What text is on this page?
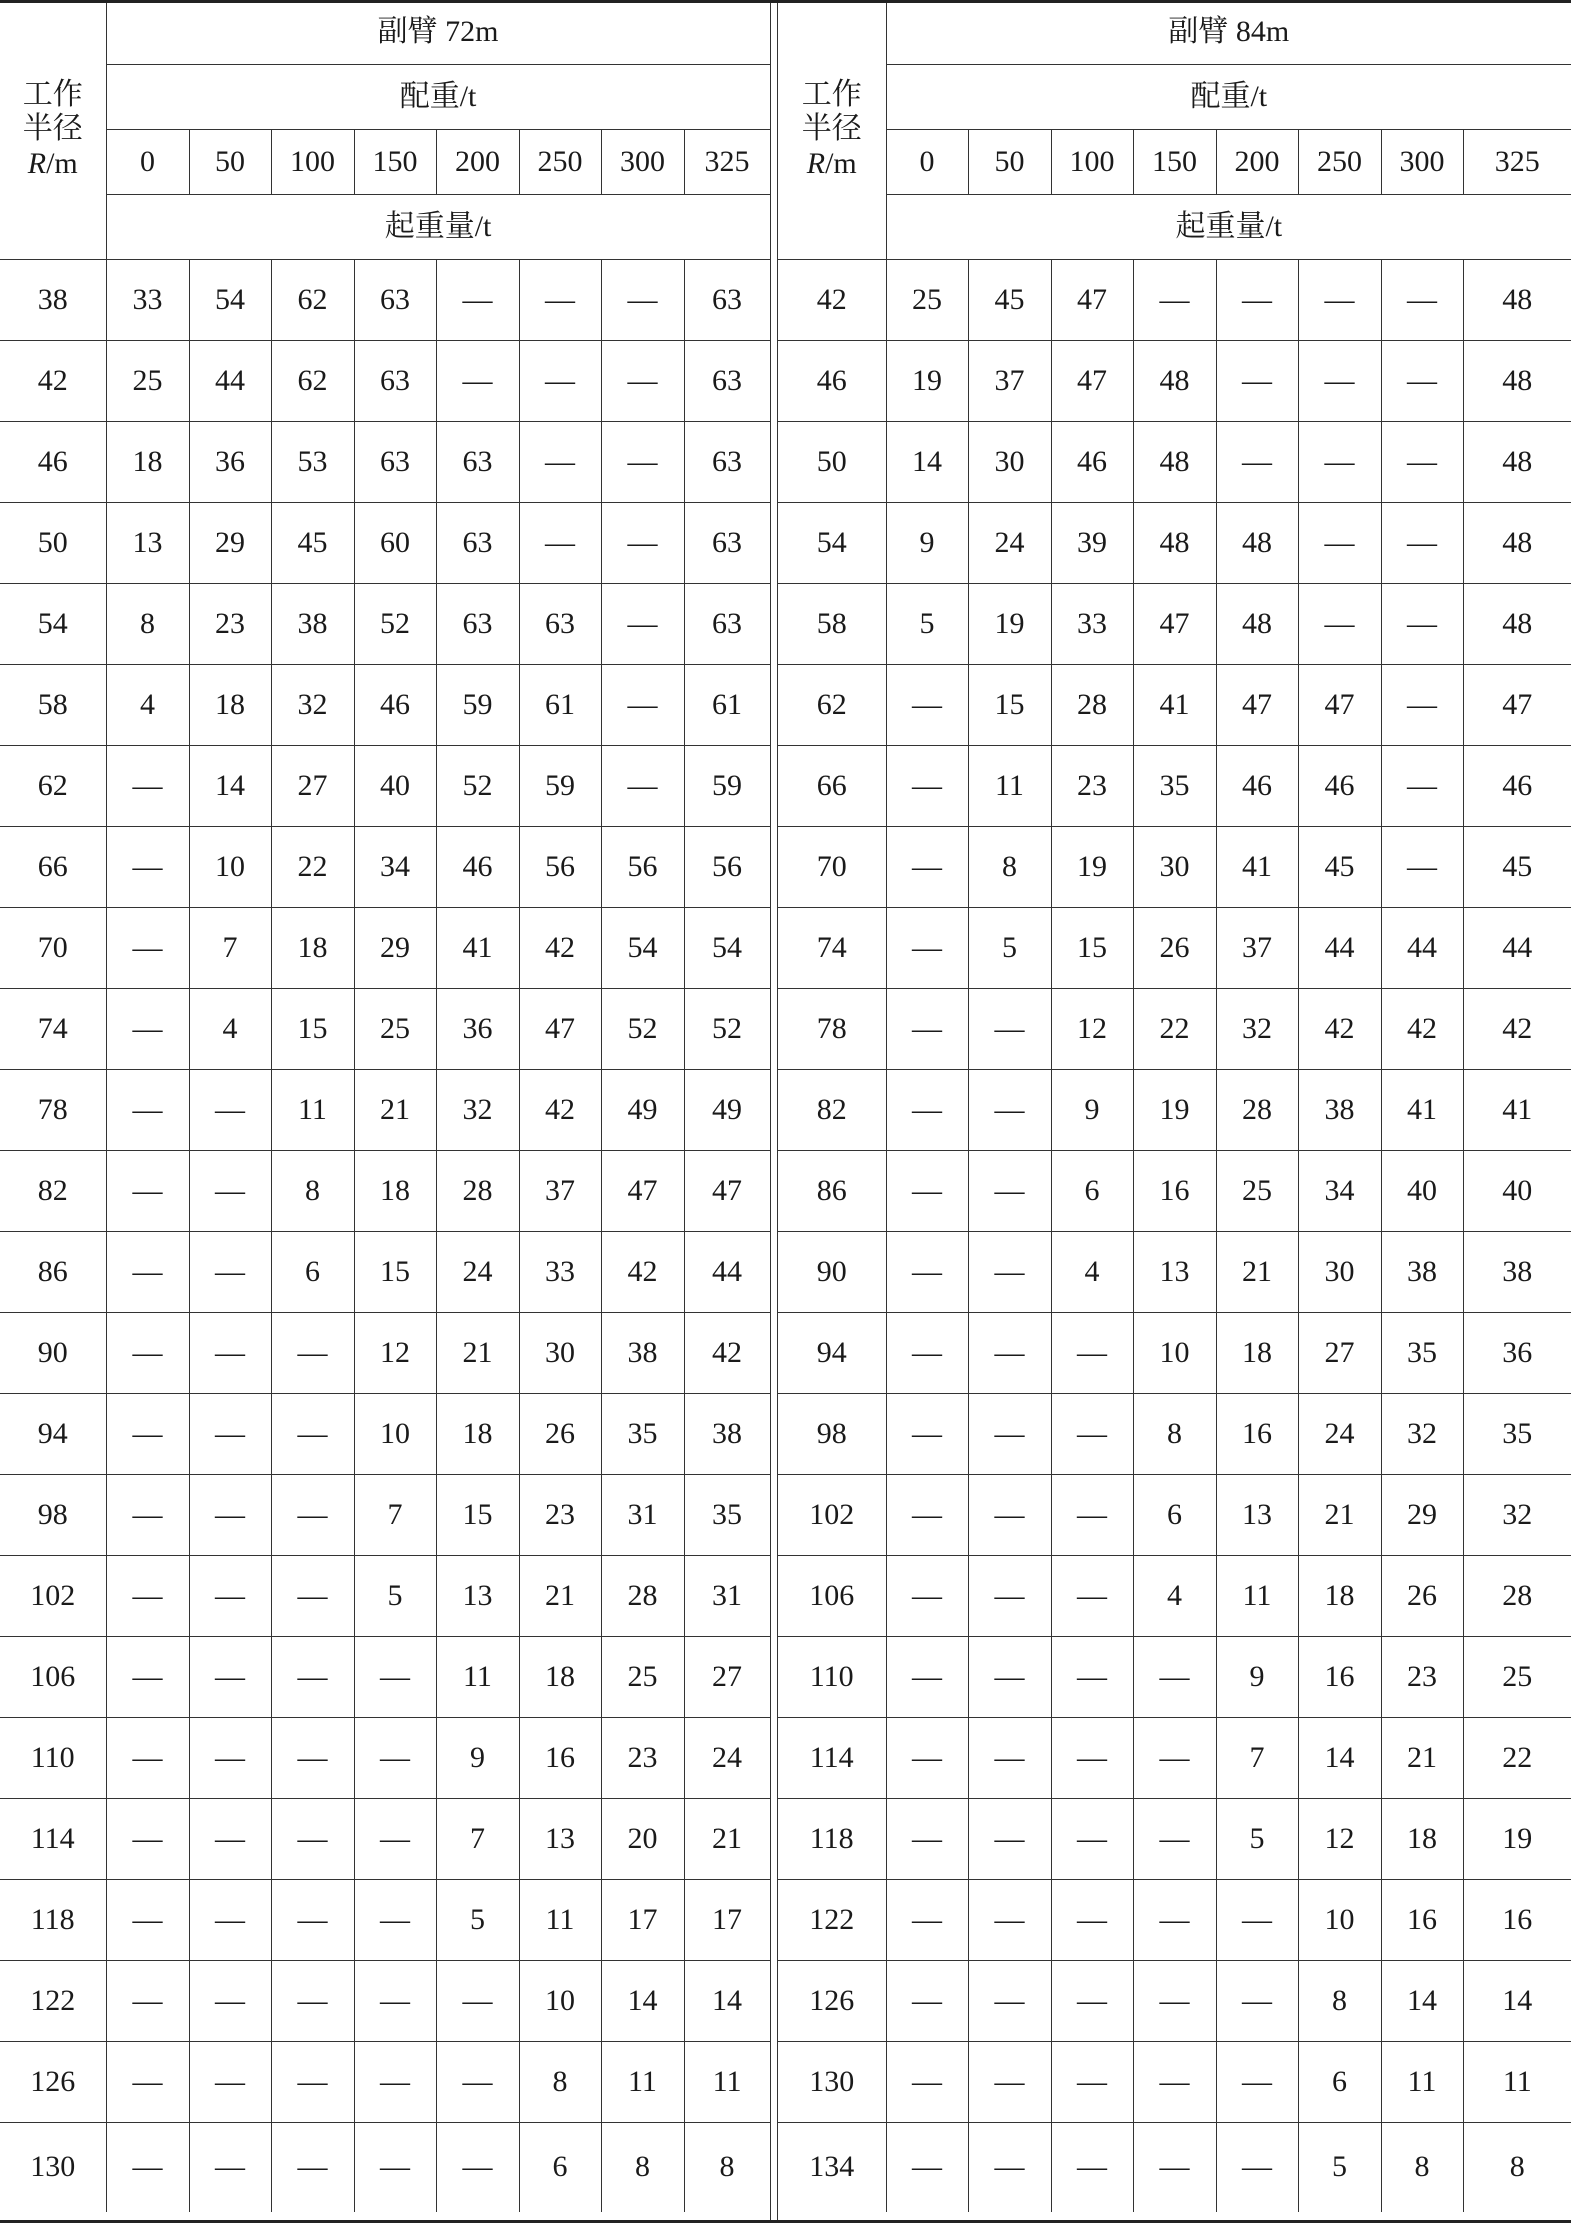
工作
半径
R/m	副臂 72m							
	配重/t							
	0	50	100	150	200	250	300	325
	起重量/t							
38	33	54	62	63	—	—	—	63
42	25	44	62	63	—	—	—	63
46	18	36	53	63	63	—	—	63
50	13	29	45	60	63	—	—	63
54	8	23	38	52	63	63	—	63
58	4	18	32	46	59	61	—	61
62	—	14	27	40	52	59	—	59
66	—	10	22	34	46	56	56	56
70	—	7	18	29	41	42	54	54
74	—	4	15	25	36	47	52	52
78	—	—	11	21	32	42	49	49
82	—	—	8	18	28	37	47	47
86	—	—	6	15	24	33	42	44
90	—	—	—	12	21	30	38	42
94	—	—	—	10	18	26	35	38
98	—	—	—	7	15	23	31	35
102	—	—	—	5	13	21	28	31
106	—	—	—	—	11	18	25	27
110	—	—	—	—	9	16	23	24
114	—	—	—	—	7	13	20	21
118	—	—	—	—	5	11	17	17
122	—	—	—	—	—	10	14	14
126	—	—	—	—	—	8	11	11
130	—	—	—	—	—	6	8	8
工作
半径
R/m	副臂 84m							
	配重/t							
	0	50	100	150	200	250	300	325
	起重量/t							
42	25	45	47	—	—	—	—	48
46	19	37	47	48	—	—	—	48
50	14	30	46	48	—	—	—	48
54	9	24	39	48	48	—	—	48
58	5	19	33	47	48	—	—	48
62	—	15	28	41	47	47	—	47
66	—	11	23	35	46	46	—	46
70	—	8	19	30	41	45	—	45
74	—	5	15	26	37	44	44	44
78	—	—	12	22	32	42	42	42
82	—	—	9	19	28	38	41	41
86	—	—	6	16	25	34	40	40
90	—	—	4	13	21	30	38	38
94	—	—	—	10	18	27	35	36
98	—	—	—	8	16	24	32	35
102	—	—	—	6	13	21	29	32
106	—	—	—	4	11	18	26	28
110	—	—	—	—	9	16	23	25
114	—	—	—	—	7	14	21	22
118	—	—	—	—	5	12	18	19
122	—	—	—	—	—	10	16	16
126	—	—	—	—	—	8	14	14
130	—	—	—	—	—	6	11	11
134	—	—	—	—	—	5	8	8
